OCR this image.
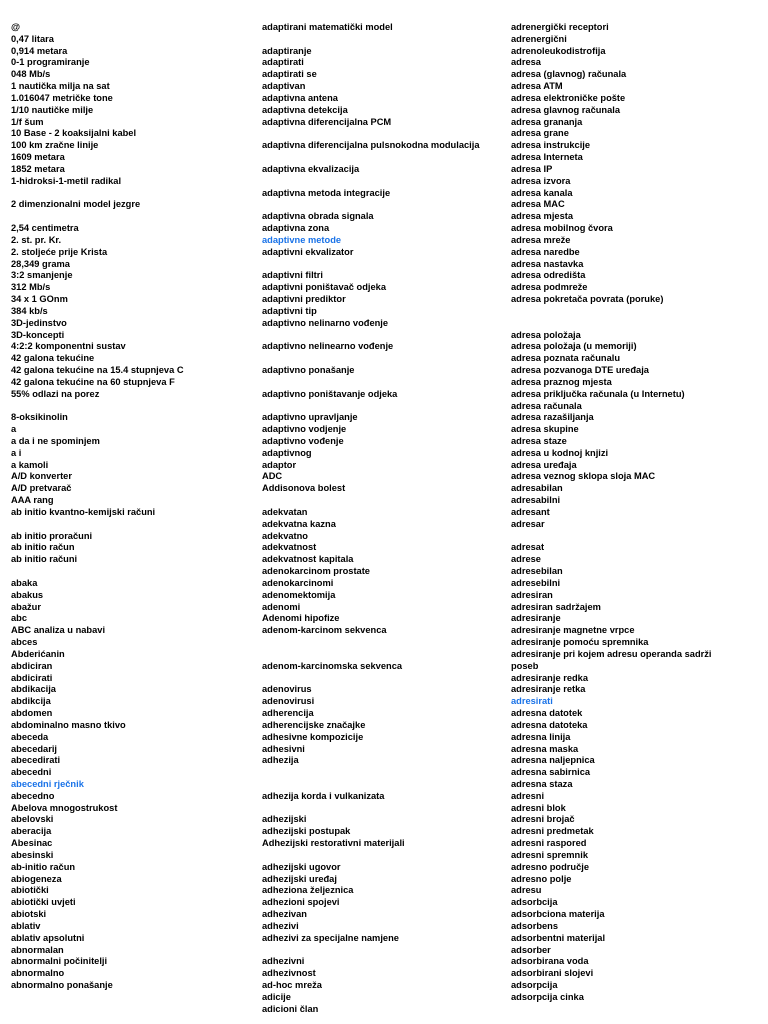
@
0,47 litara
0,914 metara
0-1 programiranje
048 Mb/s
1 nautička milja na sat
1.016047 metričke tone
1/10 nautičke milje
1/f šum
10 Base - 2 koaksijalni kabel
100 km zračne linije
1609 metara
1852 metara
1-hidroksi-1-metil radikal
2 dimenzionalni model jezgre
2,54 centimetra
2. st. pr. Kr.
2. stoljeće prije Krista
28,349 grama
3:2 smanjenje
312 Mb/s
34 x 1 GOnm
384 kb/s
3D-jedinstvo
3D-koncepti
4:2:2 komponentni sustav
42 galona tekućine
42 galona tekućine na 15.4 stupnjeva C
42 galona tekućine na 60 stupnjeva F
55% odlazi na porez
8-oksikinolin
a
a da i ne spominjem
a i
a kamoli
A/D konverter
A/D pretvarač
AAA rang
ab initio kvantno-kemijski računi
ab initio proračuni
ab initio račun
ab initio računi
abaka
abakus
abažur
abc
ABC analiza u nabavi
abces
Abderićanin
abdiciran
abdicirati
abdikacija
abdikcija
abdomen
abdominalno masno tkivo
abeceda
abecedarij
abecedirati
abecedni
abecedni rječnik
abecedno
Abelova mnogostrukost
abelovski
aberacija
Abesinac
abesinski
ab-initio račun
abiogeneza
abiotički
abiotički uvjeti
abiotski
ablativ
ablativ apsolutni
abnormalan
abnormalni počinitelji
abnormalno
abnormalno ponašanje
adaptirani matematički model
adaptiranje
adaptirati
adaptirati se
adaptivan
adaptivna antena
adaptivna detekcija
adaptivna diferencijalna PCM
adaptivna diferencijalna pulsnokodna modulacija
adaptivna ekvalizacija
adaptivna metoda integracije
adaptivna obrada signala
adaptivna zona
adaptivne metode
adaptivni ekvalizator
adaptivni filtri
adaptivni poništavač odjeka
adaptivni prediktor
adaptivni tip
adaptivno nelinarno vođenje
adaptivno nelinearno vođenje
adaptivno ponašanje
adaptivno poništavanje odjeka
adaptivno upravljanje
adaptivno vodjenje
adaptivno vođenje
adaptivnog
adaptor
ADC
Addisonova bolest
adekvatan
adekvatna kazna
adekvatno
adekvatnost
adekvatnost kapitala
adenokarcinom prostate
adenokarcinomi
adenomektomija
adenomi
Adenomi hipofize
adenom-karcinom sekvenca
adenom-karcinomska sekvenca
adenovirus
adenovirusi
adherencija
adherencijske značajke
adhesivne kompozicije
adhesivni
adhezija
adhezija korda i vulkanizata
adhezijski
adhezijski postupak
Adhezijski restorativni materijali
adhezijski ugovor
adhezijski uređaj
adheziona željeznica
adhezioni spojevi
adhezivan
adhezivi
adhezivi za specijalne namjene
adhezivni
adhezivnost
ad-hoc mreža
adicije
adicioni član
adrenergički receptori
adrenergični
adrenoleukodistrofija
adresa
adresa (glavnog) računala
adresa ATM
adresa elektroničke pošte
adresa glavnog računala
adresa grananja
adresa grane
adresa instrukcije
adresa Interneta
adresa IP
adresa izvora
adresa kanala
adresa MAC
adresa mjesta
adresa mobilnog čvora
adresa mreže
adresa naredbe
adresa nastavka
adresa odredišta
adresa podmreže
adresa pokretača povrata (poruke)
adresa položaja
adresa položaja (u memoriji)
adresa poznata računalu
adresa pozvanoga DTE uređaja
adresa praznog mjesta
adresa priključka računala (u Internetu)
adresa računala
adresa razašiljanja
adresa skupine
adresa staze
adresa u kodnoj knjizi
adresa uređaja
adresa veznog sklopa sloja MAC
adresabilan
adresabilni
adresant
adresar
adresat
adrese
adresebilan
adresebilni
adresiran
adresiran sadržajem
adresiranje
adresiranje magnetne vrpce
adresiranje pomoću spremnika
adresiranje pri kojem adresu operanda sadrži
poseb
adresiranje redka
adresiranje retka
adresirati
adresna datotek
adresna datoteka
adresna linija
adresna maska
adresna naljepnica
adresna sabirnica
adresna staza
adresni
adresni blok
adresni brojač
adresni predmetak
adresni raspored
adresni spremnik
adresno područje
adresno polje
adresu
adsorbcija
adsorbciona materija
adsorbens
adsorbentni materijal
adsorber
adsorbirana voda
adsorbirani slojevi
adsorpcija
adsorpcija cinka
